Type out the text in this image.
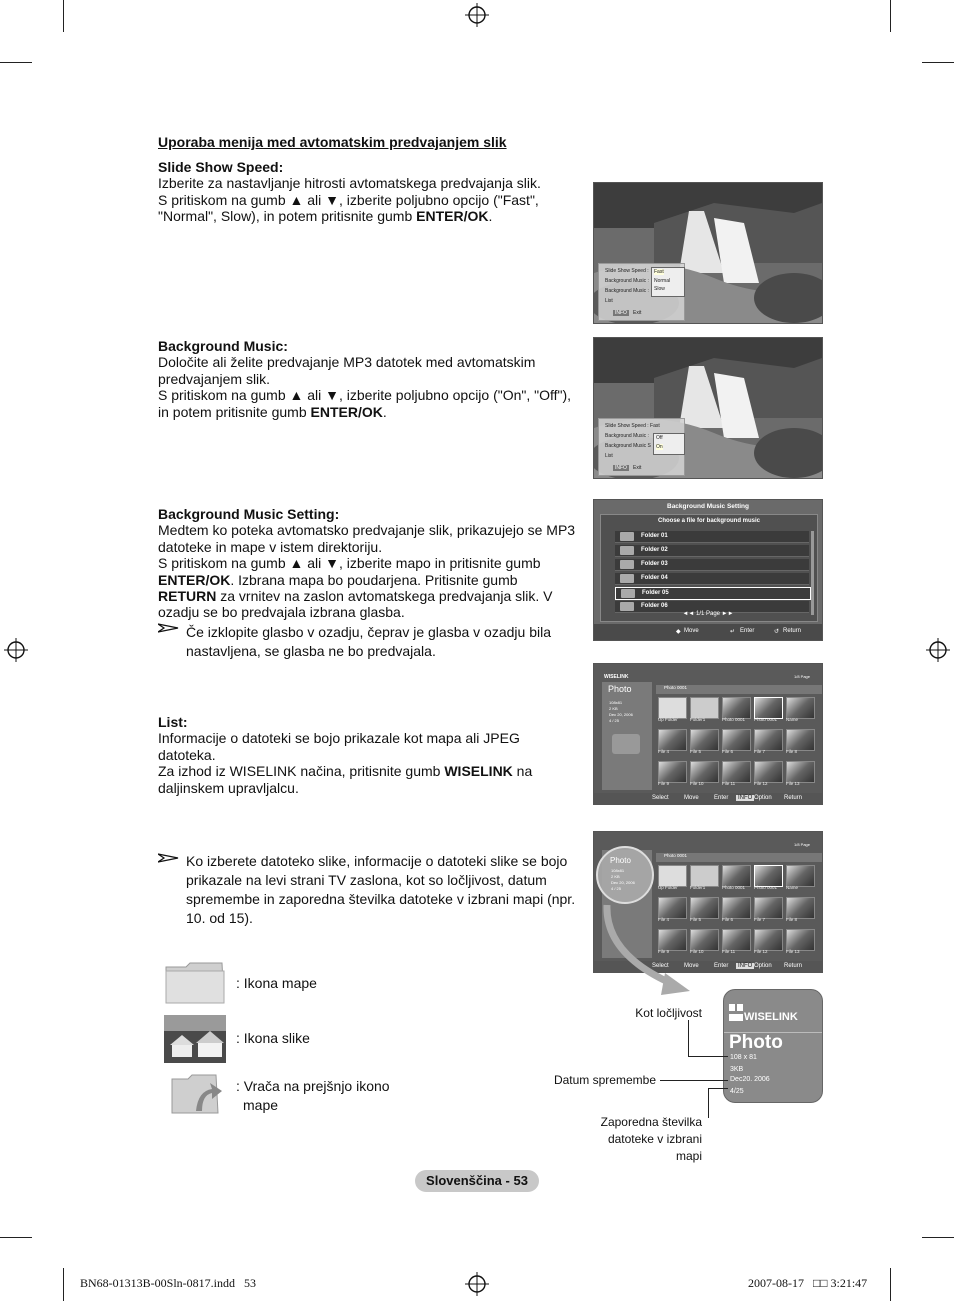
Uporaba menija med avtomatskim predvajanjem slik
Slide Show Speed:
Izberite za nastavljanje hitrosti avtomatskega predvajanja slik.
S pritiskom na gumb ▲ ali ▼, izberite poljubno opcijo ("Fast",
"Normal", Slow), in potem pritisnite gumb ENTER/OK.
Slide Show Speed :
Background Music :
Background Music :
List
Fast
Normal
Slow
INFO	Exit
Background Music:
Določite ali želite predvajanje MP3 datotek med avtomatskim
predvajanjem slik.
S pritiskom na gumb ▲ ali ▼, izberite poljubno opcijo ("On", "Off"),
in potem pritisnite gumb ENTER/OK.
Slide Show Speed : Fast
Background Music :
Background Music S
List
Off
On
INFO	Exit
Background Music Setting:
Medtem ko poteka avtomatsko predvajanje slik, prikazujejo se MP3
datoteke in mape v istem direktoriju.
S pritiskom na gumb ▲ ali ▼, izberite mapo in pritisnite gumb
ENTER/OK. Izbrana mapa bo poudarjena. Pritisnite gumb
RETURN za vrnitev na zaslon avtomatskega predvajanja slik. V
ozadju se bo predvajala izbrana glasba.
Če izklopite glasbo v ozadju, čeprav je glasba v ozadju bila
nastavljena, se glasba ne bo predvajala.
Background Music Setting
Choose a file for background music
Folder 01
Folder 02
Folder 03
Folder 04
Folder 05
Folder 06
◄◄ 1/1 Page ►►
◆ Move	↵ Enter	↺ Return
List:
Informacije o datoteki se bojo prikazale kot mapa ali JPEG
datoteka.
Za izhod iz WISELINK načina, pritisnite gumb WISELINK na
daljinskem upravljalcu.
WISELINK
Photo
108x81
2 KB
Dec 20, 2006
4 / 25
1/8 Page
Photo 0001
Up Folder	Folder1	Photo 0001 Photo 0001 Name
File 4	File 5	File 6	File 7	File 8
File 9	File 10	File 11	File 12	File 13
Select	Move	Enter	INFO Option Return
Ko izberete datoteko slike, informacije o datoteki slike se bojo
prikazale na levi strani TV zaslona, kot so ločljivost, datum
spremembe in zaporedna številka datoteke v izbrani mapi (npr.
10. od 15).
Photo
108x81
2 KB
Dec 20, 2006
4 / 25
1/8 Page
Photo 0001
Up Folder	Folder1	Photo 0001 Photo 0001 Name
File 4	File 5	File 6	File 7	File 8
File 9	File 10	File 11	File 12	File 13
Select	Move	Enter	INFO Option Return
: Ikona mape
: Ikona slike
: Vrača na prejšnjo ikono
mape
WISELINK
Photo
108 x 81
3KB
Dec20. 2006
4/25
Kot ločljivost
Datum spremembe
Zaporedna številka
datoteke v izbrani
mapi
Slovenščina - 53
BN68-01313B-00Sln-0817.indd   53	2007-08-17   □□ 3:21:47
